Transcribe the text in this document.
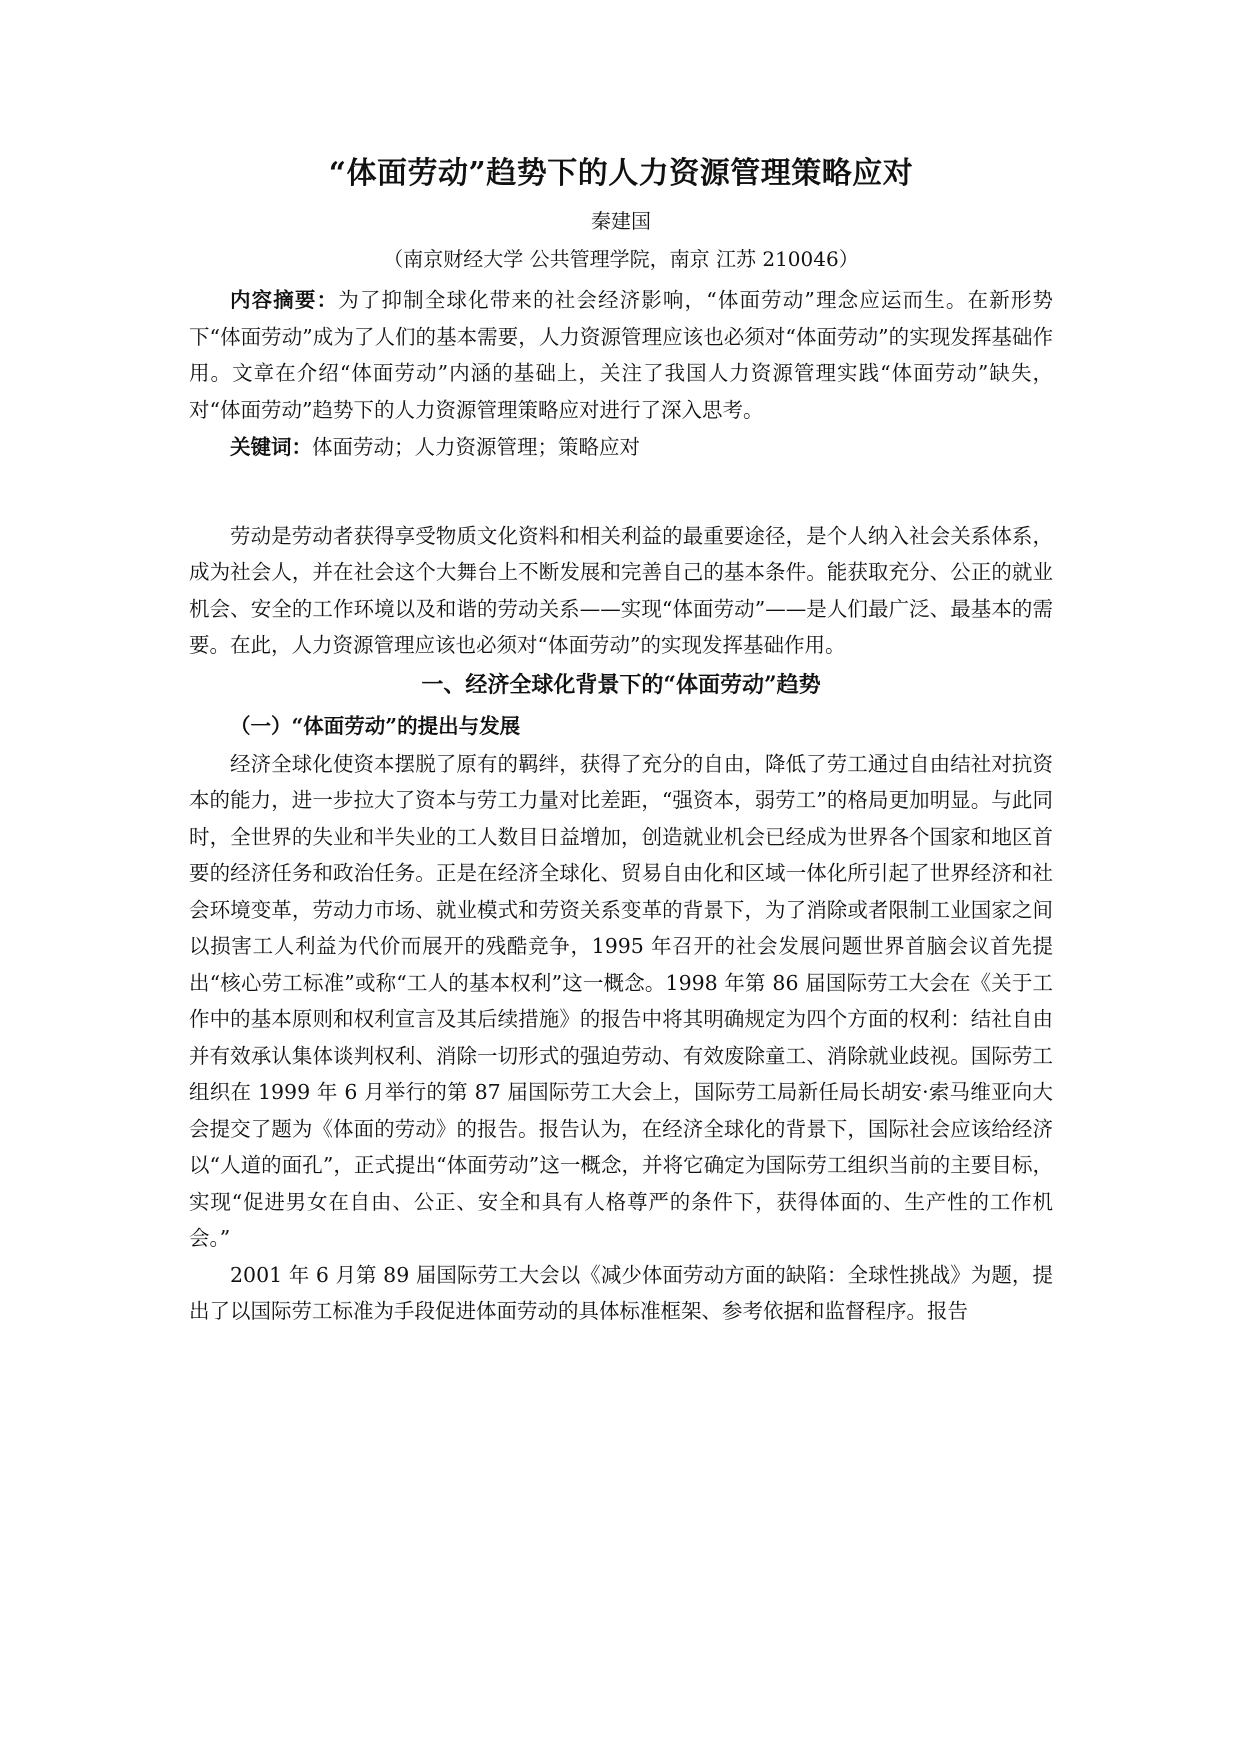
“体面劳动”趋势下的人力资源管理策略应对

秦建国

（南京财经大学 公共管理学院，南京 江苏 210046）

内容摘要：为了抑制全球化带来的社会经济影响，“体面劳动”理念应运而生。在新形势下“体面劳动”成为了人们的基本需要，人力资源管理应该也必须对“体面劳动”的实现发挥基础作用。文章在介绍“体面劳动”内涵的基础上，关注了我国人力资源管理实践“体面劳动”缺失，对“体面劳动”趋势下的人力资源管理策略应对进行了深入思考。

关键词：体面劳动；人力资源管理；策略应对

劳动是劳动者获得享受物质文化资料和相关利益的最重要途径，是个人纳入社会关系体系，成为社会人，并在社会这个大舞台上不断发展和完善自己的基本条件。能获取充分、公正的就业机会、安全的工作环境以及和谐的劳动关系——实现“体面劳动”——是人们最广泛、最基本的需要。在此，人力资源管理应该也必须对“体面劳动”的实现发挥基础作用。

一、经济全球化背景下的“体面劳动”趋势
（一）“体面劳动”的提出与发展

经济全球化使资本摆脱了原有的羁绊，获得了充分的自由，降低了劳工通过自由结社对抗资本的能力，进一步拉大了资本与劳工力量对比差距，“强资本，弱劳工”的格局更加明显。与此同时，全世界的失业和半失业的工人数目日益增加，创造就业机会已经成为世界各个国家和地区首要的经济任务和政治任务。正是在经济全球化、贸易自由化和区域一体化所引起了世界经济和社会环境变革，劳动力市场、就业模式和劳资关系变革的背景下，为了消除或者限制工业国家之间以损害工人利益为代价而展开的残酷竞争，1995 年召开的社会发展问题世界首脑会议首先提出“核心劳工标准”或称“工人的基本权利”这一概念。1998 年第 86 届国际劳工大会在《关于工作中的基本原则和权利宣言及其后续措施》的报告中将其明确规定为四个方面的权利：结社自由并有效承认集体谈判权利、消除一切形式的强迫劳动、有效废除童工、消除就业歧视。国际劳工组织在 1999 年 6 月举行的第 87 届国际劳工大会上，国际劳工局新任局长胡安·索马维亚向大会提交了题为《体面的劳动》的报告。报告认为，在经济全球化的背景下，国际社会应该给经济以“人道的面孔”，正式提出“体面劳动”这一概念，并将它确定为国际劳工组织当前的主要目标，实现“促进男女在自由、公正、安全和具有人格尊严的条件下，获得体面的、生产性的工作机会。”

2001 年 6 月第 89 届国际劳工大会以《减少体面劳动方面的缺陷：全球性挑战》为题，提出了以国际劳工标准为手段促进体面劳动的具体标准框架、参考依据和监督程序。报告
